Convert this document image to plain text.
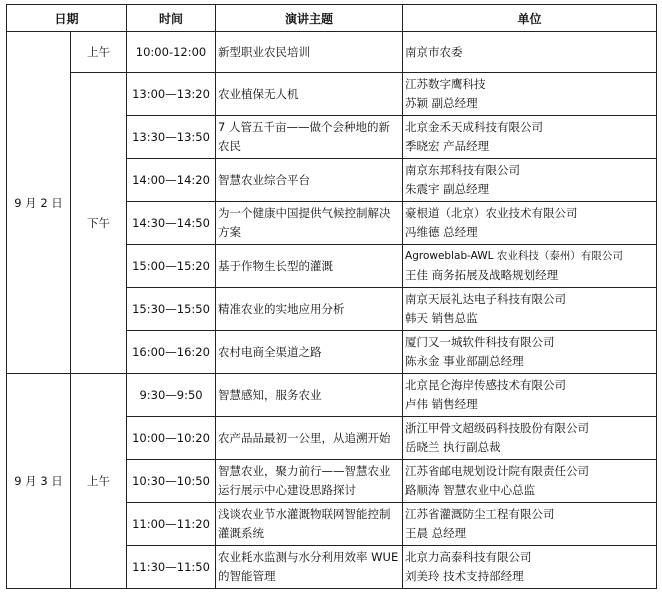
日期		时间	演讲主题	单位
9 月 2 日	上午	10:00-12:00	新型职业农民培训	南京市农委

	下午	13:00—13:20	农业植保无人机	江苏数字鹰科技
苏颖 副总经理

		13:30—13:50	7 人管五千亩——做个会种地的新农民	北京金禾天成科技有限公司
季晓宏 产品经理

		14:00—14:20	智慧农业综合平台	南京东邦科技有限公司
朱震宇 副总经理

		14:30—14:50	为一个健康中国提供气候控制解决方案	豪根道（北京）农业技术有限公司
冯维德 总经理

		15:00—15:20	基于作物生长型的灌溉	Agroweblab-AWL 农业科技（泰州）有限公司
王佳 商务拓展及战略规划经理

		15:30—15:50	精准农业的实地应用分析	南京天辰礼达电子科技有限公司
韩天 销售总监

		16:00—16:20	农村电商全渠道之路	厦门又一城软件科技有限公司
陈永金 事业部副总经理

9 月 3 日	上午	9:30—9:50	智慧感知，服务农业	北京昆仑海岸传感技术有限公司
卢伟 销售经理

		10:00—10:20	农产品品最初一公里，从追溯开始	浙江甲骨文超级码科技股份有限公司
岳晓兰 执行副总裁

		10:30—10:50	智慧农业，聚力前行——智慧农业运行展示中心建设思路探讨	江苏省邮电规划设计院有限责任公司
路顺涛 智慧农业中心总监

		11:00—11:20	浅谈农业节水灌溉物联网智能控制灌溉系统	江苏省灌溉防尘工程有限公司
王晨 总经理

		11:30—11:50	农业耗水监测与水分利用效率 WUE 的智能管理	北京力高泰科技有限公司
刘美玲 技术支持部经理
